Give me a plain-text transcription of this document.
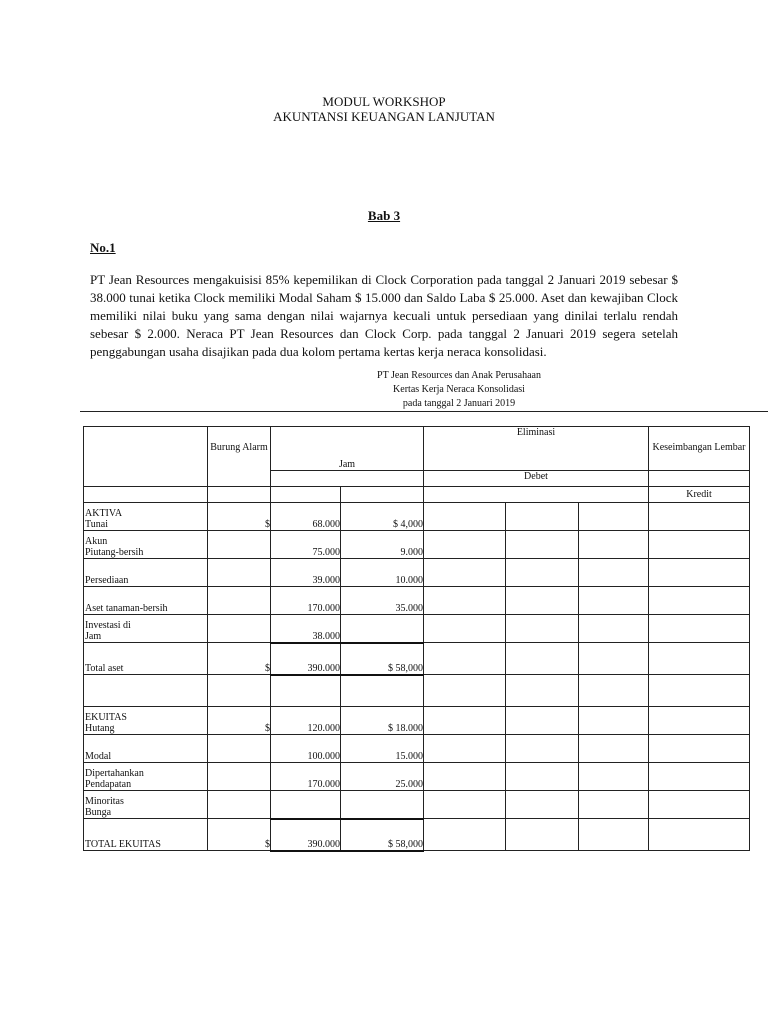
MODUL WORKSHOP
AKUNTANSI KEUANGAN LANJUTAN
Bab 3
No.1
PT Jean Resources mengakuisisi 85% kepemilikan di Clock Corporation pada tanggal 2 Januari 2019 sebesar $ 38.000 tunai ketika Clock memiliki Modal Saham $ 15.000 dan Saldo Laba $ 25.000. Aset dan kewajiban Clock memiliki nilai buku yang sama dengan nilai wajarnya kecuali untuk persediaan yang dinilai terlalu rendah sebesar $ 2.000. Neraca PT Jean Resources dan Clock Corp. pada tanggal 2 Januari 2019 segera setelah penggabungan usaha disajikan pada dua kolom pertama kertas kerja neraca konsolidasi.
PT Jean Resources dan Anak Perusahaan
Kertas Kerja Neraca Konsolidasi
pada tanggal 2 Januari 2019
	Burung Alarm	Jam		Eliminasi			Keseimbangan Lembar

				Debet			
							Kredit

AKTIVA
Tunai	$	68.000	$ 4,000				

Akun
Piutang-bersih		75.000	9.000				

Persediaan		39.000	10.000				

Aset tanaman-bersih		170.000	35.000				

Investasi di
Jam		38.000					

Total aset	$	390.000	$ 58,000				

EKUITAS
Hutang	$	120.000	$ 18.000				

Modal		100.000	15.000				

Dipertahankan
Pendapatan		170.000	25.000				

Minoritas
Bunga							

TOTAL EKUITAS	$	390.000	$ 58,000				
